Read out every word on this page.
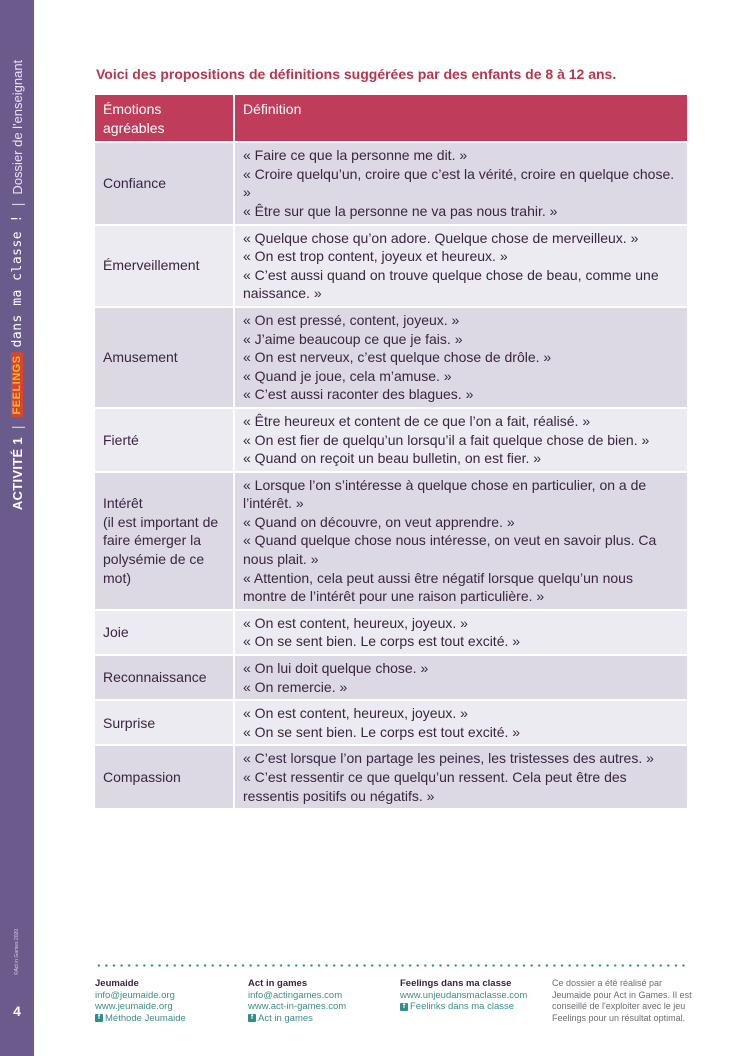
ACTIVITÉ 1
|
FEELINGS
dans ma classe !
|
Dossier de l'enseignant
©Act in Games 2020
4
Voici des propositions de définitions suggérées par des enfants de 8 à 12 ans.
Émotions agréables	Définition

Confiance	« Faire ce que la personne me dit. »
« Croire quelqu’un, croire que c’est la vérité, croire en quelque chose. »
« Être sur que la personne ne va pas nous trahir. »

Émerveillement	« Quelque chose qu’on adore. Quelque chose de merveilleux. »
« On est trop content, joyeux et heureux. »
« C’est aussi quand on trouve quelque chose de beau, comme une naissance. »

Amusement	« On est pressé, content, joyeux. »
« J’aime beaucoup ce que je fais. »
« On est nerveux, c’est quelque chose de drôle. »
« Quand je joue, cela m’amuse. »
« C’est aussi raconter des blagues. »

Fierté	« Être heureux et content de ce que l’on a fait, réalisé. »
« On est fier de quelqu’un lorsqu’il a fait quelque chose de bien. »
« Quand on reçoit un beau bulletin, on est fier. »

Intérêt
(il est important de faire émerger la polysémie de ce mot)	« Lorsque l’on s’intéresse à quelque chose en particulier, on a de l’intérêt. »
« Quand on découvre, on veut apprendre. »
« Quand quelque chose nous intéresse, on veut en savoir plus. Ca nous plait. »
« Attention, cela peut aussi être négatif lorsque quelqu’un nous montre de l’intérêt pour une raison particulière. »

Joie	« On est content, heureux, joyeux. »
« On se sent bien. Le corps est tout excité. »

Reconnaissance	« On lui doit quelque chose. »
« On remercie. »

Surprise	« On est content, heureux, joyeux. »
« On se sent bien. Le corps est tout excité. »

Compassion	« C’est lorsque l’on partage les peines, les tristesses des autres. »
« C’est ressentir ce que quelqu’un ressent. Cela peut être des ressentis positifs ou négatifs. »
Jeumaide
info@jeumaide.org
www.jeumaide.org
f Méthode Jeumaide
Act in games
info@actingames.com
www.act-in-games.com
f Act in games
Feelings dans ma classe
www.unjeudansmaclasse.com
f Feelinks dans ma classe
Ce dossier a été réalisé par Jeumaide pour Act in Games. Il est conseillé de l'exploiter avec le jeu Feelings pour un résultat optimal.
